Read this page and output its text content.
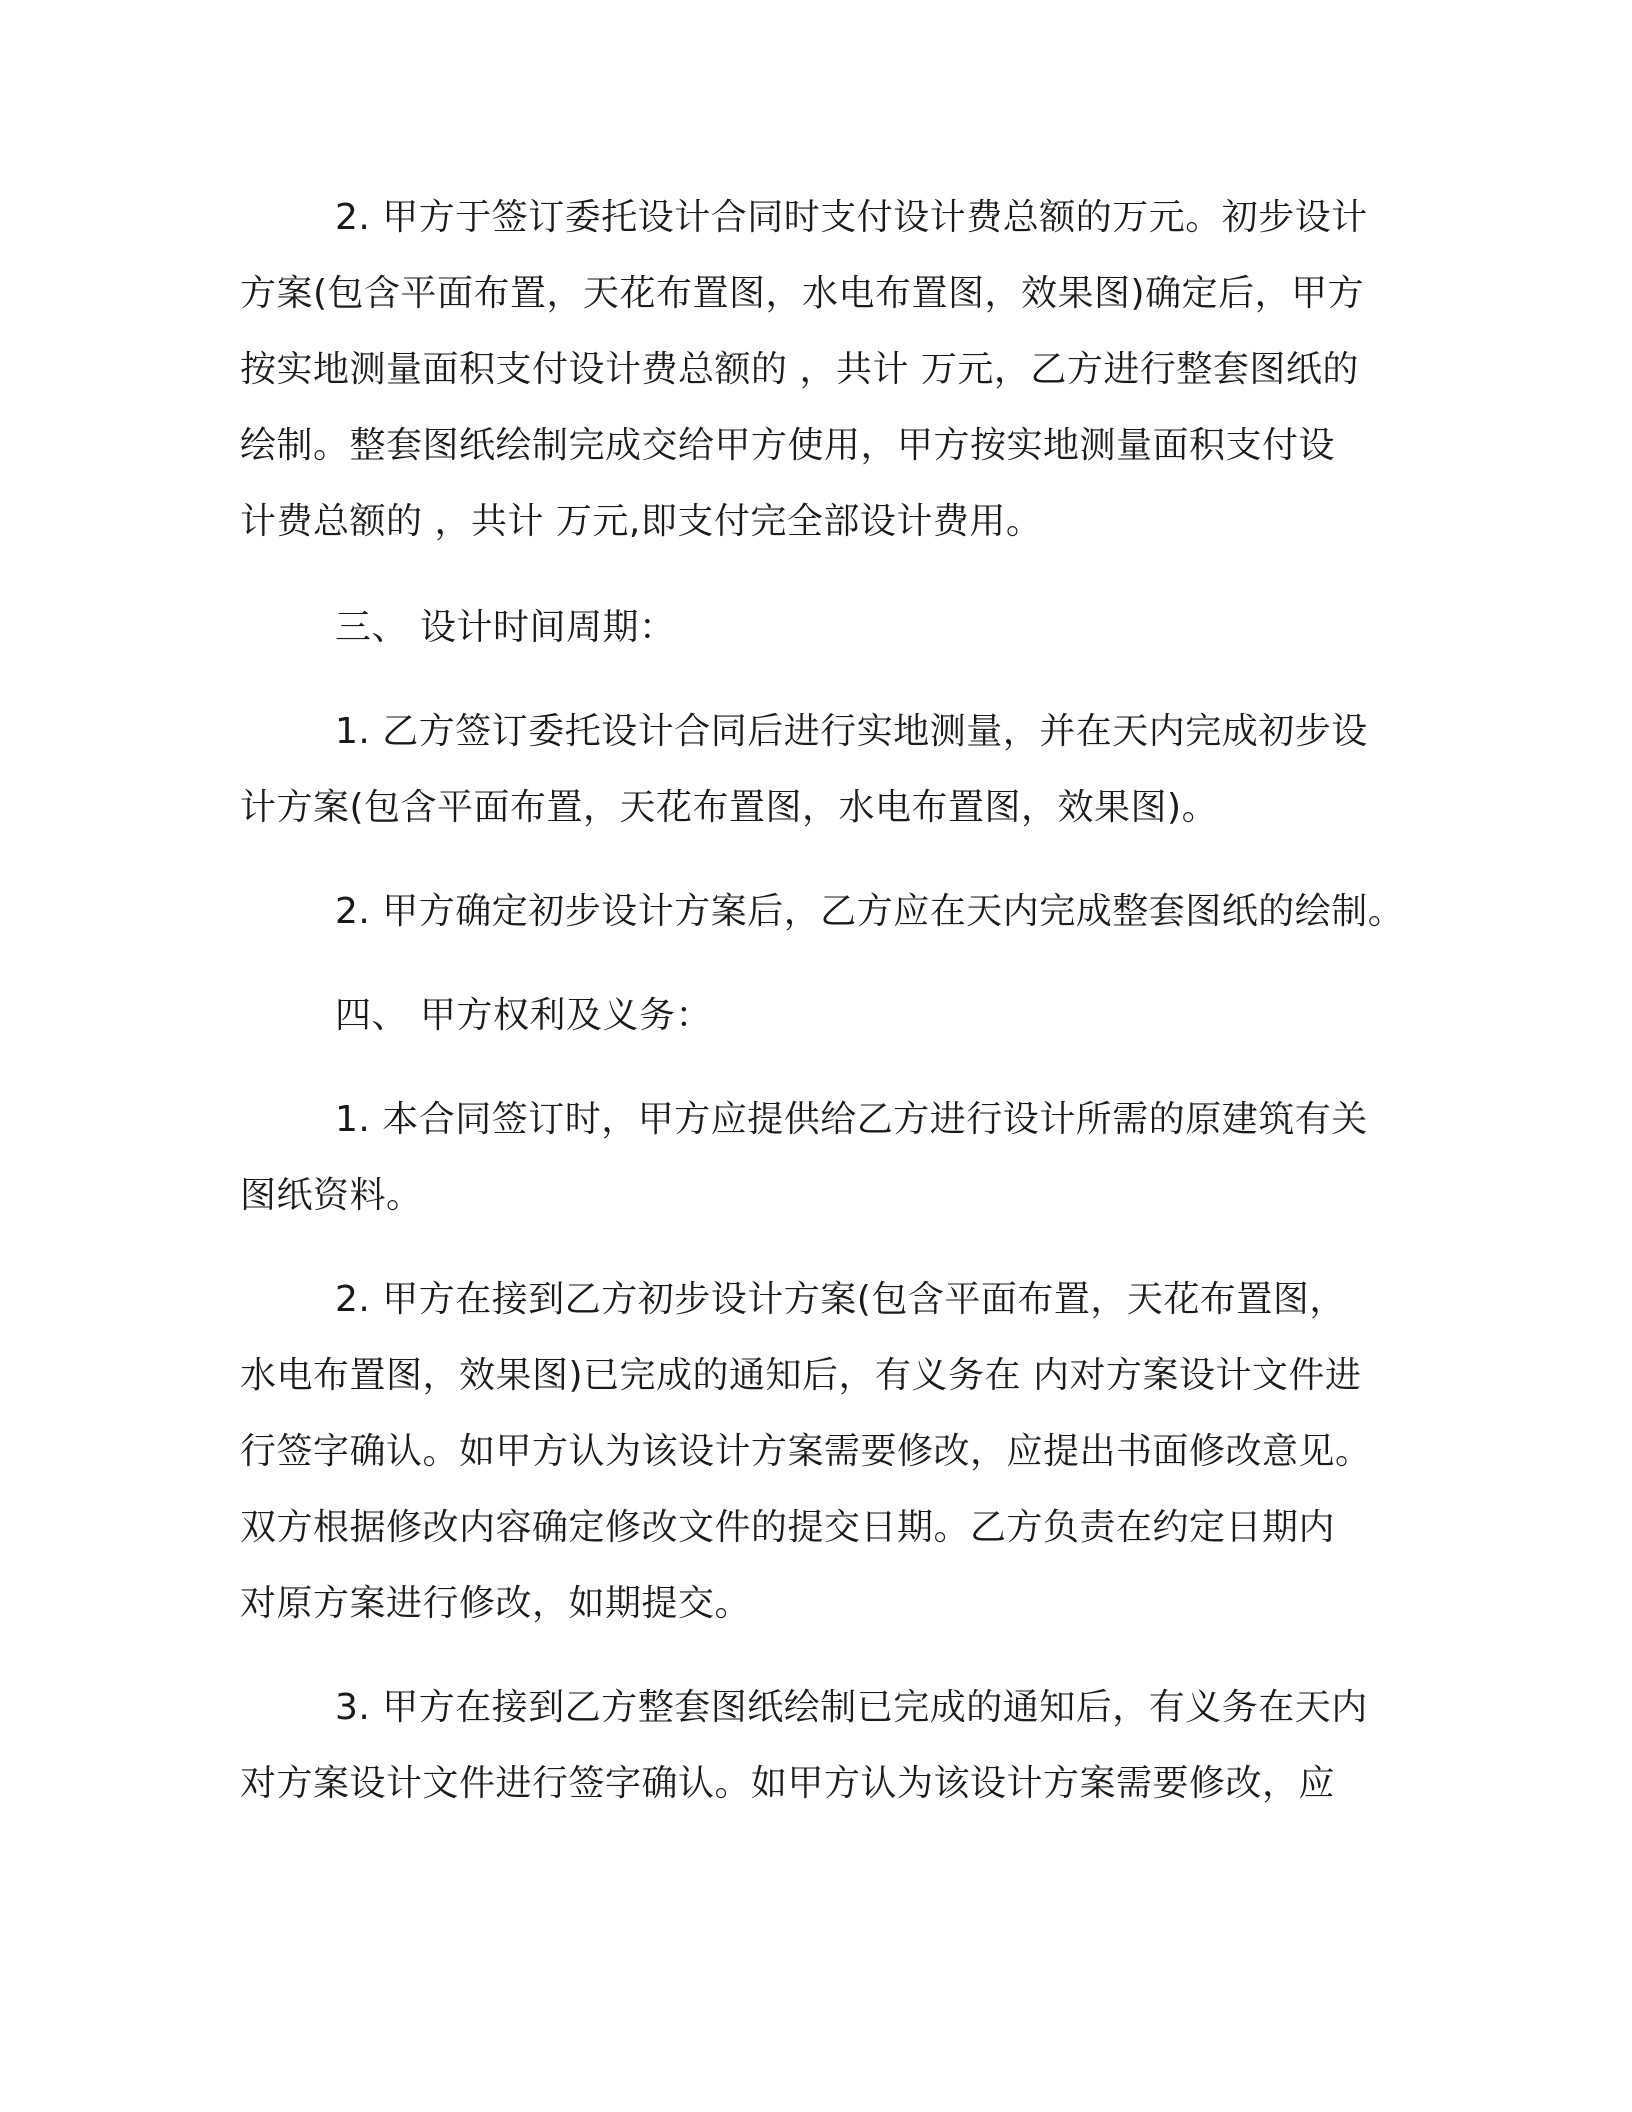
2. 甲方于签订委托设计合同时支付设计费总额的万元。初步设计
方案(包含平面布置，天花布置图，水电布置图，效果图)确定后，甲方
按实地测量面积支付设计费总额的 ，共计 万元，乙方进行整套图纸的
绘制。整套图纸绘制完成交给甲方使用，甲方按实地测量面积支付设
计费总额的 ，共计 万元,即支付完全部设计费用。
三、 设计时间周期：
1. 乙方签订委托设计合同后进行实地测量，并在天内完成初步设
计方案(包含平面布置，天花布置图，水电布置图，效果图)。
2. 甲方确定初步设计方案后，乙方应在天内完成整套图纸的绘制。
四、 甲方权利及义务：
1. 本合同签订时，甲方应提供给乙方进行设计所需的原建筑有关
图纸资料。
2. 甲方在接到乙方初步设计方案(包含平面布置，天花布置图，
水电布置图，效果图)已完成的通知后，有义务在 内对方案设计文件进
行签字确认。如甲方认为该设计方案需要修改，应提出书面修改意见。
双方根据修改内容确定修改文件的提交日期。乙方负责在约定日期内
对原方案进行修改，如期提交。
3. 甲方在接到乙方整套图纸绘制已完成的通知后，有义务在天内
对方案设计文件进行签字确认。如甲方认为该设计方案需要修改，应
